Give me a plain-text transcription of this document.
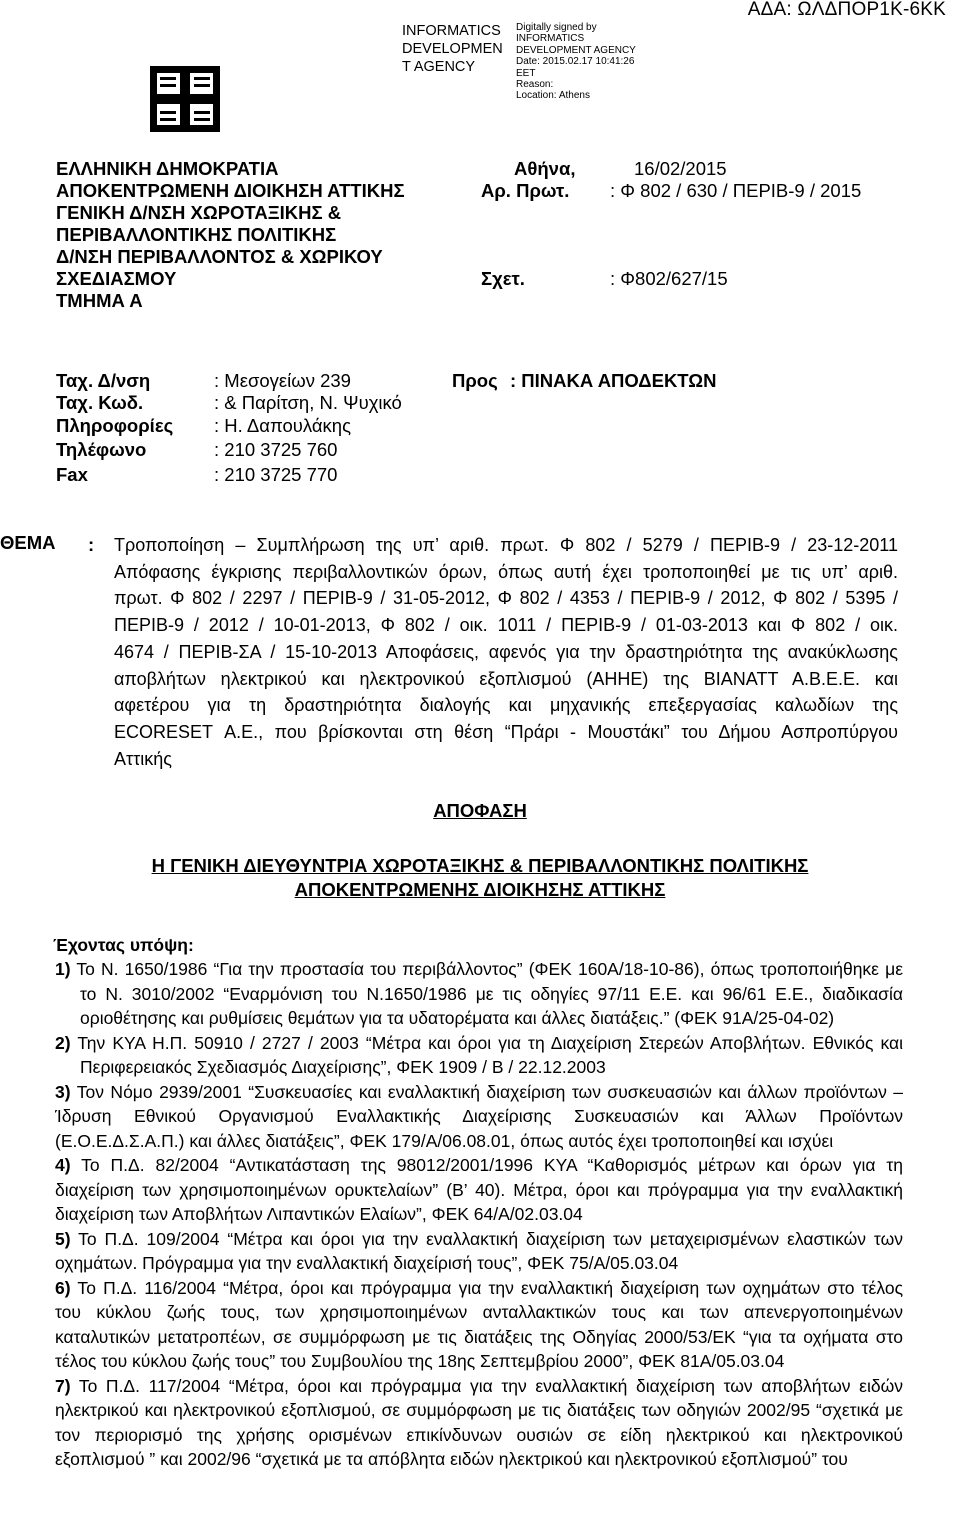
INFORMATICS
DEVELOPMEN
T AGENCY
Digitally signed by
INFORMATICS
DEVELOPMENT AGENCY
Date: 2015.02.17 10:41:26
EET
Reason:
Location: Athens
ΑΔΑ: ΩΛΔΠΟΡ1Κ-6ΚΚ
ΕΛΛΗΝΙΚΗ ΔΗΜΟΚΡΑΤΙΑ
ΑΠΟΚΕΝΤΡΩΜΕΝΗ ΔΙΟΙΚΗΣΗ ΑΤΤΙΚΗΣ
ΓΕΝΙΚΗ Δ/ΝΣΗ ΧΩΡΟΤΑΞΙΚΗΣ &
ΠΕΡΙΒΑΛΛΟΝΤΙΚΗΣ ΠΟΛΙΤΙΚΗΣ
Δ/ΝΣΗ ΠΕΡΙΒΑΛΛΟΝΤΟΣ & ΧΩΡΙΚΟΥ
ΣΧΕΔΙΑΣΜΟΥ
ΤΜΗΜΑ Α
Αθήνα,	16/02/2015
Αρ. Πρωτ. : Φ 802 / 630 / ΠΕΡΙΒ-9 / 2015
Σχετ.	: Φ802/627/15
Ταχ. Δ/νση	: Μεσογείων 239
Ταχ. Κωδ.	: & Παρίτση, Ν. Ψυχικό
Πληροφορίες : Η. Δαπουλάκης
Τηλέφωνο	: 210 3725 760
Fax	: 210 3725 770
Προς : ΠΙΝΑΚΑ ΑΠΟΔΕΚΤΩΝ
ΘΕΜΑ : Τροποποίηση – Συμπλήρωση της υπ’ αριθ. πρωτ. Φ 802 / 5279 / ΠΕΡΙΒ-9 / 23-12-2011
Απόφασης έγκρισης περιβαλλοντικών όρων, όπως αυτή έχει τροποποιηθεί με τις υπ’ αριθ.
πρωτ. Φ 802 / 2297 / ΠΕΡΙΒ-9 / 31-05-2012, Φ 802 / 4353 / ΠΕΡΙΒ-9 / 2012, Φ 802 / 5395 /
ΠΕΡΙΒ-9 / 2012 / 10-01-2013, Φ 802 / οικ. 1011 / ΠΕΡΙΒ-9 / 01-03-2013 και Φ 802 / οικ.
4674 / ΠΕΡΙΒ-ΣΑ / 15-10-2013 Αποφάσεις, αφενός για την δραστηριότητα της ανακύκλωσης
αποβλήτων ηλεκτρικού και ηλεκτρονικού εξοπλισμού (ΑΗΗΕ) της ΒΙΑΝΑΤΤ Α.Β.Ε.Ε. και
αφετέρου για τη δραστηριότητα διαλογής και μηχανικής επεξεργασίας καλωδίων της
ECORESET Α.Ε., που βρίσκονται στη θέση “Πράρι - Μουστάκι” του Δήμου Ασπροπύργου
Αττικής
ΑΠΟΦΑΣΗ
Η ΓΕΝΙΚΗ ΔΙΕΥΘΥΝΤΡΙΑ ΧΩΡΟΤΑΞΙΚΗΣ & ΠΕΡΙΒΑΛΛΟΝΤΙΚΗΣ ΠΟΛΙΤΙΚΗΣ
ΑΠΟΚΕΝΤΡΩΜΕΝΗΣ ΔΙΟΙΚΗΣΗΣ ΑΤΤΙΚΗΣ
Έχοντας υπόψη:
1) Το Ν. 1650/1986 “Για την προστασία του περιβάλλοντος” (ΦΕΚ 160Α/18-10-86), όπως τροποποιήθηκε με
το Ν. 3010/2002 “Εναρμόνιση του Ν.1650/1986 με τις οδηγίες 97/11 Ε.Ε. και 96/61 Ε.Ε., διαδικασία
οριοθέτησης και ρυθμίσεις θεμάτων για τα υδατορέματα και άλλες διατάξεις.” (ΦΕΚ 91Α/25-04-02)
2) Την ΚΥΑ Η.Π. 50910 / 2727 / 2003 “Μέτρα και όροι για τη Διαχείριση Στερεών Αποβλήτων. Εθνικός και
Περιφερειακός Σχεδιασμός Διαχείρισης”, ΦΕΚ 1909 / Β / 22.12.2003
3) Τον Νόμο 2939/2001 “Συσκευασίες και εναλλακτική διαχείριση των συσκευασιών και άλλων προϊόντων –
Ίδρυση Εθνικού Οργανισμού Εναλλακτικής Διαχείρισης Συσκευασιών και Άλλων Προϊόντων
(Ε.Ο.Ε.Δ.Σ.Α.Π.) και άλλες διατάξεις”, ΦΕΚ 179/Α/06.08.01, όπως αυτός έχει τροποποιηθεί και ισχύει
4) Το Π.Δ. 82/2004 “Αντικατάσταση της 98012/2001/1996 ΚΥΑ “Καθορισμός μέτρων και όρων για τη
διαχείριση των χρησιμοποιημένων ορυκτελαίων” (Β’ 40). Μέτρα, όροι και πρόγραμμα για την εναλλακτική
διαχείριση των Αποβλήτων Λιπαντικών Ελαίων”, ΦΕΚ 64/Α/02.03.04
5) Το Π.Δ. 109/2004 “Μέτρα και όροι για την εναλλακτική διαχείριση των μεταχειρισμένων ελαστικών των
οχημάτων. Πρόγραμμα για την εναλλακτική διαχείρισή τους”, ΦΕΚ 75/Α/05.03.04
6) Το Π.Δ. 116/2004 “Μέτρα, όροι και πρόγραμμα για την εναλλακτική διαχείριση των οχημάτων στο τέλος
του κύκλου ζωής τους, των χρησιμοποιημένων ανταλλακτικών τους και των απενεργοποιημένων
καταλυτικών μετατροπέων, σε συμμόρφωση με τις διατάξεις της Οδηγίας 2000/53/ΕΚ “για τα οχήματα στο
τέλος του κύκλου ζωής τους” του Συμβουλίου της 18ης Σεπτεμβρίου 2000”, ΦΕΚ 81Α/05.03.04
7) Το Π.Δ. 117/2004 “Μέτρα, όροι και πρόγραμμα για την εναλλακτική διαχείριση των αποβλήτων ειδών
ηλεκτρικού και ηλεκτρονικού εξοπλισμού, σε συμμόρφωση με τις διατάξεις των οδηγιών 2002/95 “σχετικά με
τον περιορισμό της χρήσης ορισμένων επικίνδυνων ουσιών σε είδη ηλεκτρικού και ηλεκτρονικού
εξοπλισμού ” και 2002/96 “σχετικά με τα απόβλητα ειδών ηλεκτρικού και ηλεκτρονικού εξοπλισμού” του
